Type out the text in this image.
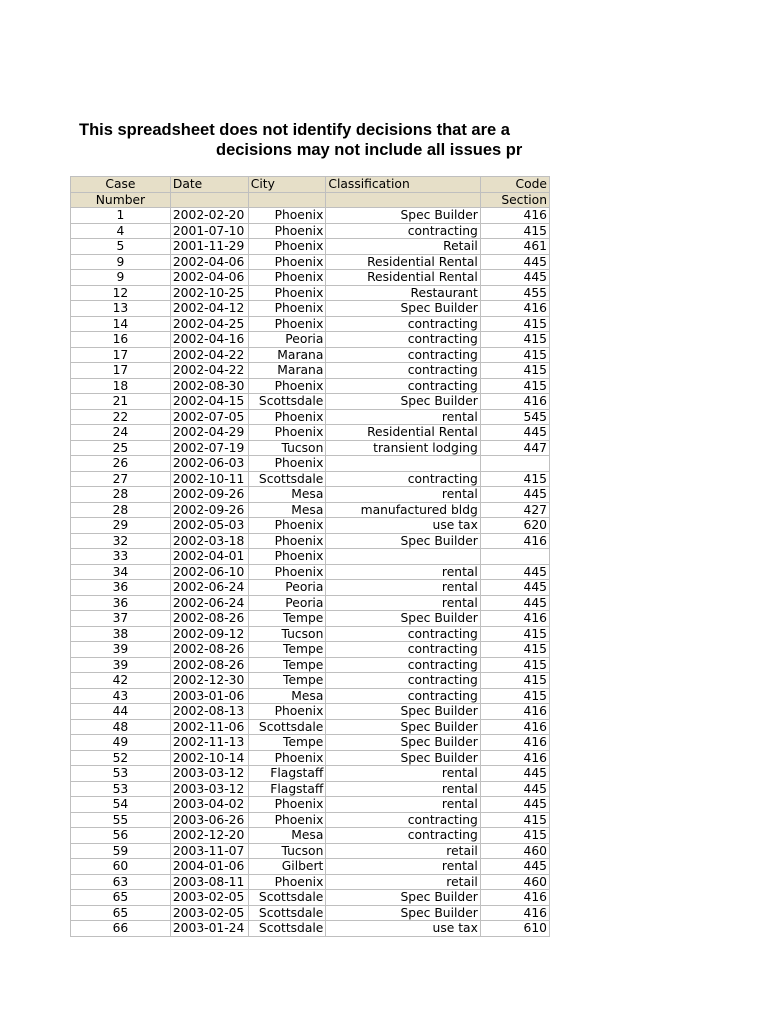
This spreadsheet does not identify decisions that are a
decisions may not include all issues pr
Case	Date	City	Classification	Code
Number				Section
1	2002-02-20	Phoenix	Spec Builder	416
4	2001-07-10	Phoenix	contracting	415
5	2001-11-29	Phoenix	Retail	461
9	2002-04-06	Phoenix	Residential Rental	445
9	2002-04-06	Phoenix	Residential Rental	445
12	2002-10-25	Phoenix	Restaurant	455
13	2002-04-12	Phoenix	Spec Builder	416
14	2002-04-25	Phoenix	contracting	415
16	2002-04-16	Peoria	contracting	415
17	2002-04-22	Marana	contracting	415
17	2002-04-22	Marana	contracting	415
18	2002-08-30	Phoenix	contracting	415
21	2002-04-15	Scottsdale	Spec Builder	416
22	2002-07-05	Phoenix	rental	545
24	2002-04-29	Phoenix	Residential Rental	445
25	2002-07-19	Tucson	transient lodging	447
26	2002-06-03	Phoenix		
27	2002-10-11	Scottsdale	contracting	415
28	2002-09-26	Mesa	rental	445
28	2002-09-26	Mesa	manufactured bldg	427
29	2002-05-03	Phoenix	use tax	620
32	2002-03-18	Phoenix	Spec Builder	416
33	2002-04-01	Phoenix		
34	2002-06-10	Phoenix	rental	445
36	2002-06-24	Peoria	rental	445
36	2002-06-24	Peoria	rental	445
37	2002-08-26	Tempe	Spec Builder	416
38	2002-09-12	Tucson	contracting	415
39	2002-08-26	Tempe	contracting	415
39	2002-08-26	Tempe	contracting	415
42	2002-12-30	Tempe	contracting	415
43	2003-01-06	Mesa	contracting	415
44	2002-08-13	Phoenix	Spec Builder	416
48	2002-11-06	Scottsdale	Spec Builder	416
49	2002-11-13	Tempe	Spec Builder	416
52	2002-10-14	Phoenix	Spec Builder	416
53	2003-03-12	Flagstaff	rental	445
53	2003-03-12	Flagstaff	rental	445
54	2003-04-02	Phoenix	rental	445
55	2003-06-26	Phoenix	contracting	415
56	2002-12-20	Mesa	contracting	415
59	2003-11-07	Tucson	retail	460
60	2004-01-06	Gilbert	rental	445
63	2003-08-11	Phoenix	retail	460
65	2003-02-05	Scottsdale	Spec Builder	416
65	2003-02-05	Scottsdale	Spec Builder	416
66	2003-01-24	Scottsdale	use tax	610
